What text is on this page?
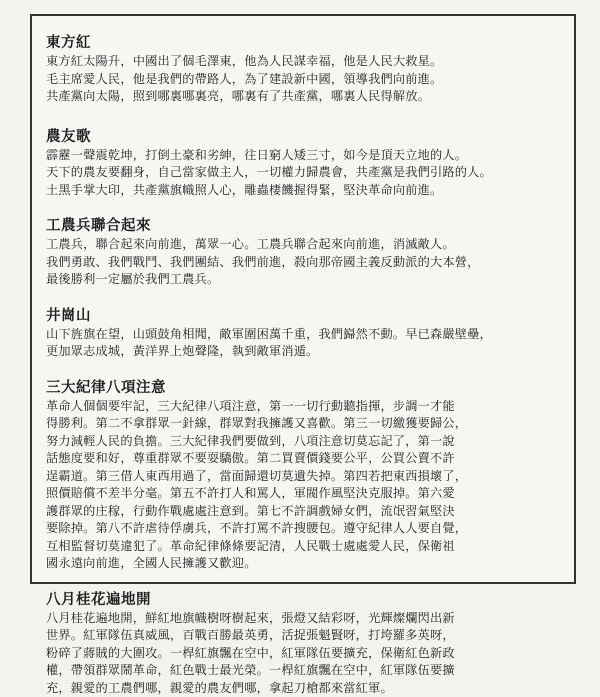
東方紅
東方紅太陽升，中國出了個毛澤東，他為人民謀幸福，他是人民大救星。
毛主席愛人民，他是我們的帶路人，為了建設新中國，領導我們向前進。
共產黨向太陽，照到哪裏哪裏亮，哪裏有了共產黨，哪裏人民得解放。
農友歌
霹靂一聲震乾坤，打倒土豪和劣紳，往日窮人矮三寸，如今是頂天立地的人。
天下的農友要翻身，自己當家做主人，一切權力歸農會，共產黨是我們引路的人。
土黑手掌大印，共產黨旗幟照人心，雕蟲棲饑握得緊，堅決革命向前進。
工農兵聯合起來
工農兵，聯合起來向前進，萬眾一心。工農兵聯合起來向前進，消滅敵人。
我們勇敢、我們戰鬥、我們團結、我們前進，殺向那帝國主義反動派的大本營，
最後勝利一定屬於我們工農兵。
井崗山
山下旌旗在望，山頭鼓角相聞，敵軍圍困萬千重，我們巋然不動。早已森嚴壁壘，
更加眾志成城，黃洋界上炮聲隆，執到敵軍消遁。
三大紀律八項注意
革命人個個要牢記，三大紀律八項注意，第一一切行動聽指揮，步調一才能
得勝利。第二不拿群眾一針線，群眾對我擁護又喜歡。第三一切繳獲要歸公，
努力減輕人民的負擔。三大紀律我們要做到，八項注意切莫忘記了，第一說
話態度要和好，尊重群眾不要耍驕傲。第二買賣價錢要公平，公買公賣不許
逞霸道。第三借人東西用過了，當面歸還切莫遺失掉。第四若把東西損壞了，
照價賠償不差半分毫。第五不許打人和罵人，軍閥作風堅決克服掉。第六愛
護群眾的庄稼，行動作戰處處注意到。第七不許調戲婦女們，流氓習氣堅決
要除掉。第八不許虐待俘虜兵，不許打罵不許搜腰包。遵守紀律人人要自覺，
互相監督切莫違犯了。革命紀律條條要記清，人民戰士處處愛人民，保衛祖
國永遠向前進，全國人民擁護又歡迎。
八月桂花遍地開
八月桂花遍地開，鮮紅地旗幟樹呀樹起來，張燈又結彩呀，光輝燦爛閃出新
世界。紅軍隊伍真威風，百戰百勝最英勇，活捉張魁賢呀，打垮羅多英呀，
粉碎了蔣賊的大圍攻。一桿紅旗飄在空中，紅軍隊伍要擴充，保衛紅色新政
權，帶領群眾鬧革命，紅色戰士最光榮。一桿紅旗飄在空中，紅軍隊伍要擴
充，親愛的工農們哪，親愛的農友們哪，拿起刀槍都來當紅軍。
